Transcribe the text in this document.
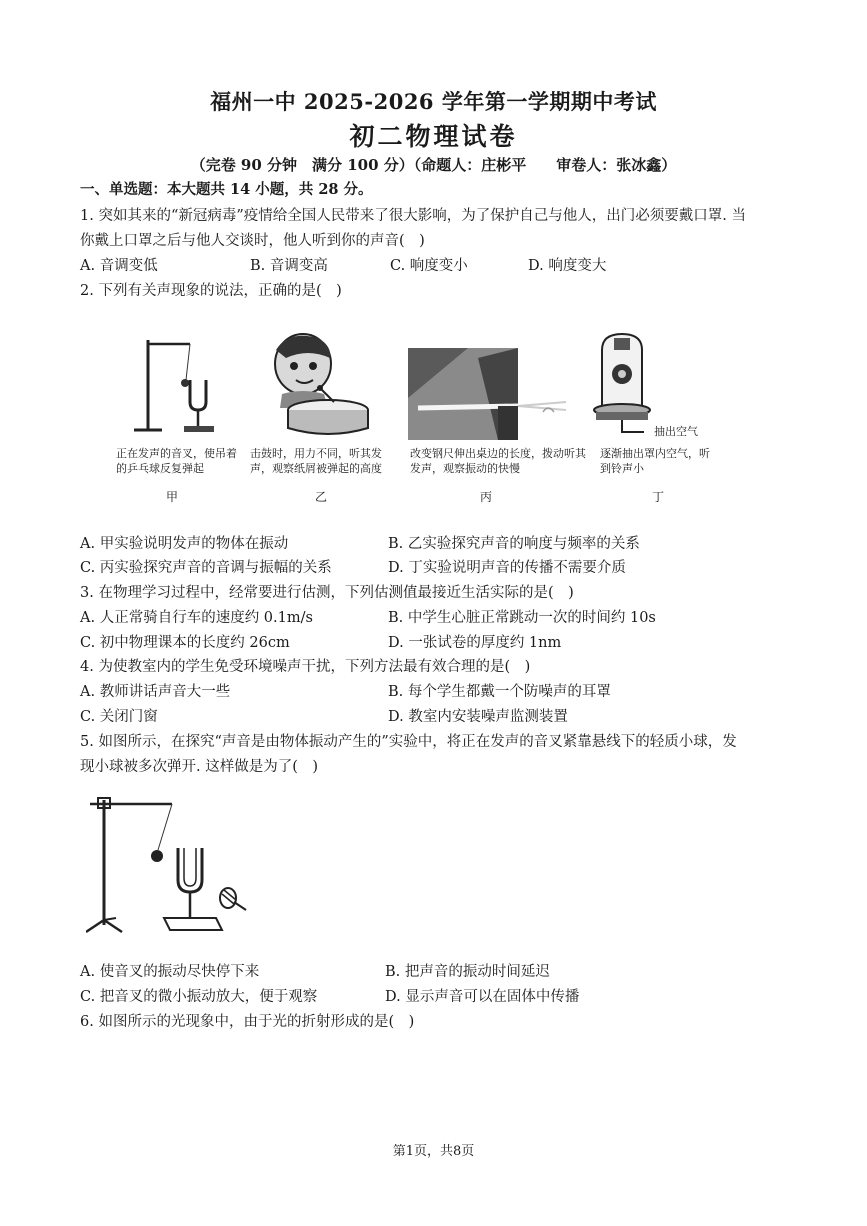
福州一中 2025-2026 学年第一学期期中考试
初二物理试卷
（完卷 90 分钟　满分 100 分）（命题人：庄彬平　　审卷人：张冰鑫）
一、单选题：本大题共 14 小题，共 28 分。
1. 突如其来的“新冠病毒”疫情给全国人民带来了很大影响，为了保护自己与他人，出门必须要戴口罩. 当
你戴上口罩之后与他人交谈时，他人听到你的声音(　)
A. 音调变低	B. 音调变高	C. 响度变小	D. 响度变大
2. 下列有关声现象的说法，正确的是(　)
正在发声的音叉，使吊着的乒乓球反复弹起
甲
击鼓时，用力不同，听其发声，观察纸屑被弹起的高度
乙
改变钢尺伸出桌边的长度，拨动听其发声，观察振动的快慢
丙
抽出空气
逐渐抽出罩内空气，听到铃声小
丁
A. 甲实验说明发声的物体在振动	B. 乙实验探究声音的响度与频率的关系
C. 丙实验探究声音的音调与振幅的关系	D. 丁实验说明声音的传播不需要介质
3. 在物理学习过程中，经常要进行估测，下列估测值最接近生活实际的是(　)
A. 人正常骑自行车的速度约 0.1m/s	B. 中学生心脏正常跳动一次的时间约 10s
C. 初中物理课本的长度约 26cm	D. 一张试卷的厚度约 1nm
4. 为使教室内的学生免受环境噪声干扰，下列方法最有效合理的是(　)
A. 教师讲话声音大一些	B. 每个学生都戴一个防噪声的耳罩
C. 关闭门窗	D. 教室内安装噪声监测装置
5. 如图所示，在探究“声音是由物体振动产生的”实验中，将正在发声的音叉紧靠悬线下的轻质小球，发
现小球被多次弹开. 这样做是为了(　)
A. 使音叉的振动尽快停下来	B. 把声音的振动时间延迟
C. 把音叉的微小振动放大，便于观察	D. 显示声音可以在固体中传播
6. 如图所示的光现象中，由于光的折射形成的是(　)
第1页，共8页
